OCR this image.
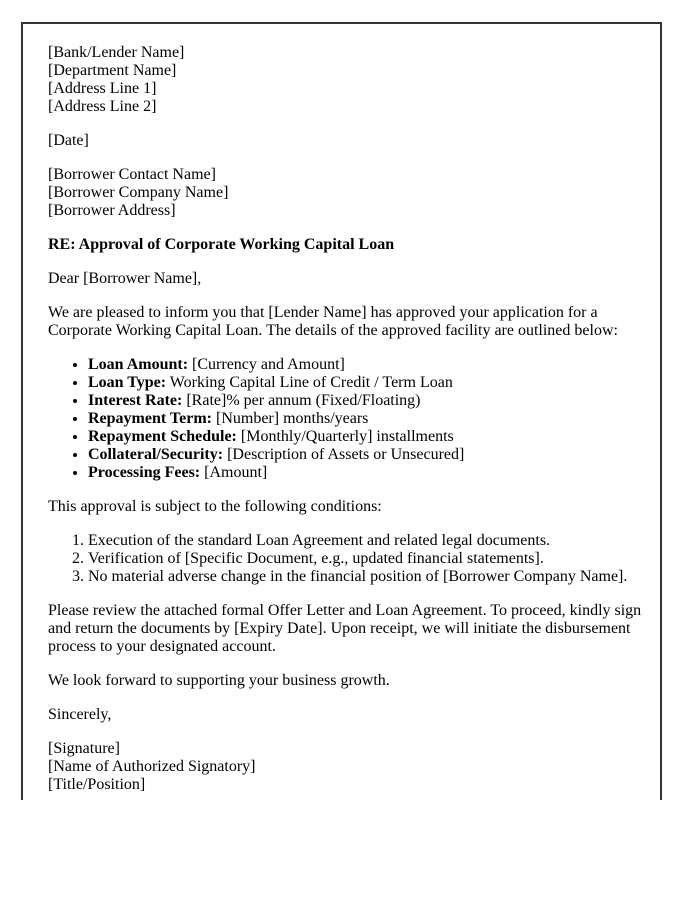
[Bank/Lender Name]
[Department Name]
[Address Line 1]
[Address Line 2]

[Date]

[Borrower Contact Name]
[Borrower Company Name]
[Borrower Address]

RE: Approval of Corporate Working Capital Loan

Dear [Borrower Name],

We are pleased to inform you that [Lender Name] has approved your application for a Corporate Working Capital Loan. The details of the approved facility are outlined below:

• Loan Amount: [Currency and Amount]
• Loan Type: Working Capital Line of Credit / Term Loan
• Interest Rate: [Rate]% per annum (Fixed/Floating)
• Repayment Term: [Number] months/years
• Repayment Schedule: [Monthly/Quarterly] installments
• Collateral/Security: [Description of Assets or Unsecured]
• Processing Fees: [Amount]

This approval is subject to the following conditions:

1. Execution of the standard Loan Agreement and related legal documents.
2. Verification of [Specific Document, e.g., updated financial statements].
3. No material adverse change in the financial position of [Borrower Company Name].

Please review the attached formal Offer Letter and Loan Agreement. To proceed, kindly sign and return the documents by [Expiry Date]. Upon receipt, we will initiate the disbursement process to your designated account.

We look forward to supporting your business growth.

Sincerely,

[Signature]
[Name of Authorized Signatory]
[Title/Position]
